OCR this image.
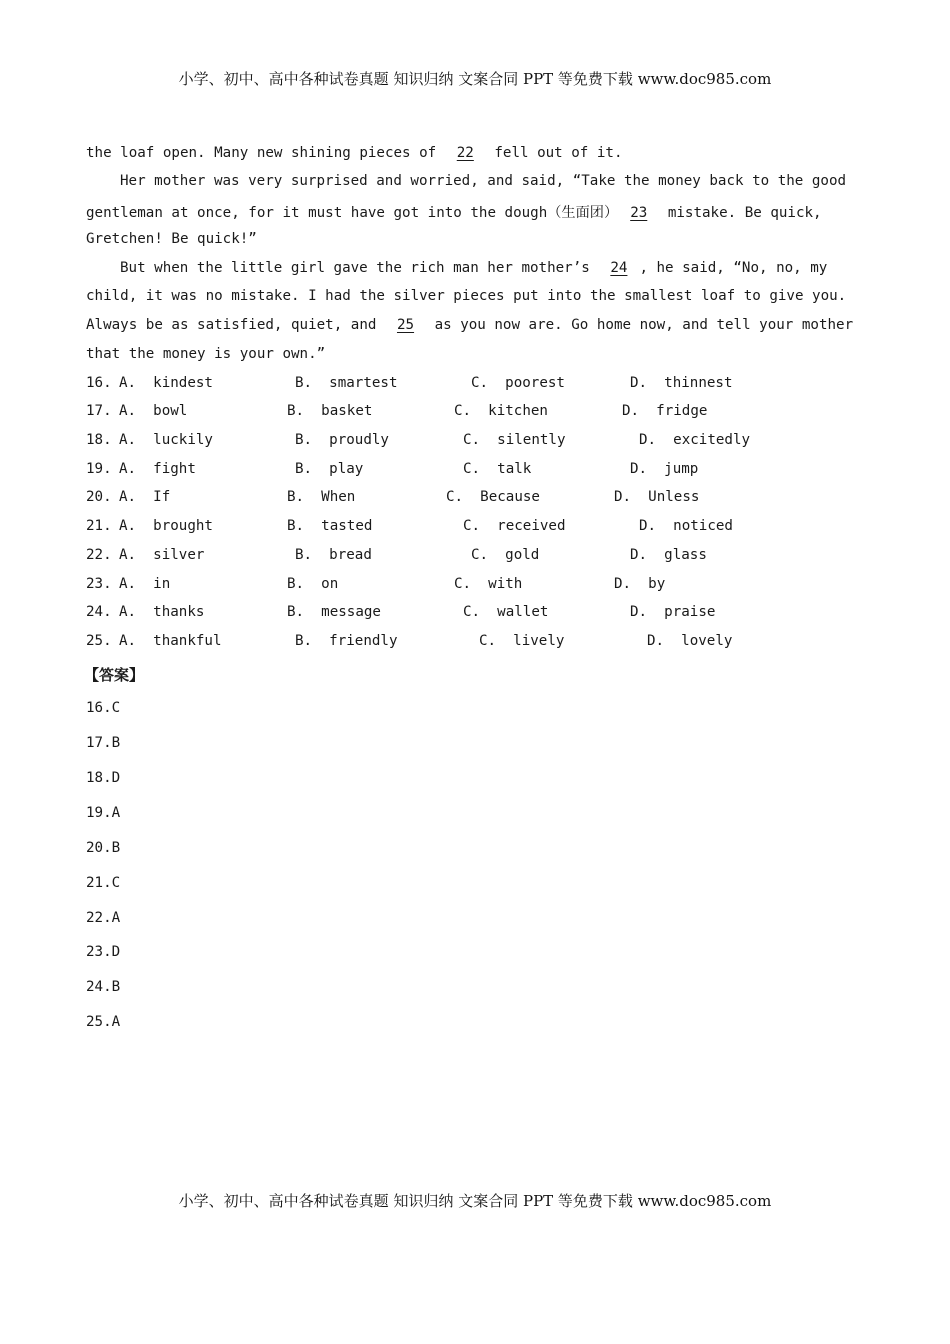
小学、初中、高中各种试卷真题 知识归纳 文案合同 PPT 等免费下载 www.doc985.com
the loaf open. Many new shining pieces of 22 fell out of it.
Her mother was very surprised and worried, and said, “Take the money back to the good
gentleman at once, for it must have got into the dough（生面团） 23 mistake. Be quick,
Gretchen! Be quick!”
But when the little girl gave the rich man her mother’s 24 , he said, “No, no, my
child, it was no mistake. I had the silver pieces put into the smallest loaf to give you.
Always be as satisfied, quiet, and 25 as you now are. Go home now, and tell your mother
that the money is your own.”
16. A.  kindest	B.  smartest	C.  poorest	D.  thinnest
17. A.  bowl	B.  basket	C.  kitchen	D.  fridge
18. A.  luckily	B.  proudly	C.  silently	D.  excitedly
19. A.  fight	B.  play	C.  talk	D.  jump
20. A.  If	B.  When	C.  Because	D.  Unless
21. A.  brought	B.  tasted	C.  received	D.  noticed
22. A.  silver	B.  bread	C.  gold	D.  glass
23. A.  in	B.  on	C.  with	D.  by
24. A.  thanks	B.  message	C.  wallet	D.  praise
25. A.  thankful	B.  friendly	C.  lively	D.  lovely
【答案】
16.C
17.B
18.D
19.A
20.B
21.C
22.A
23.D
24.B
25.A
小学、初中、高中各种试卷真题 知识归纳 文案合同 PPT 等免费下载 www.doc985.com
